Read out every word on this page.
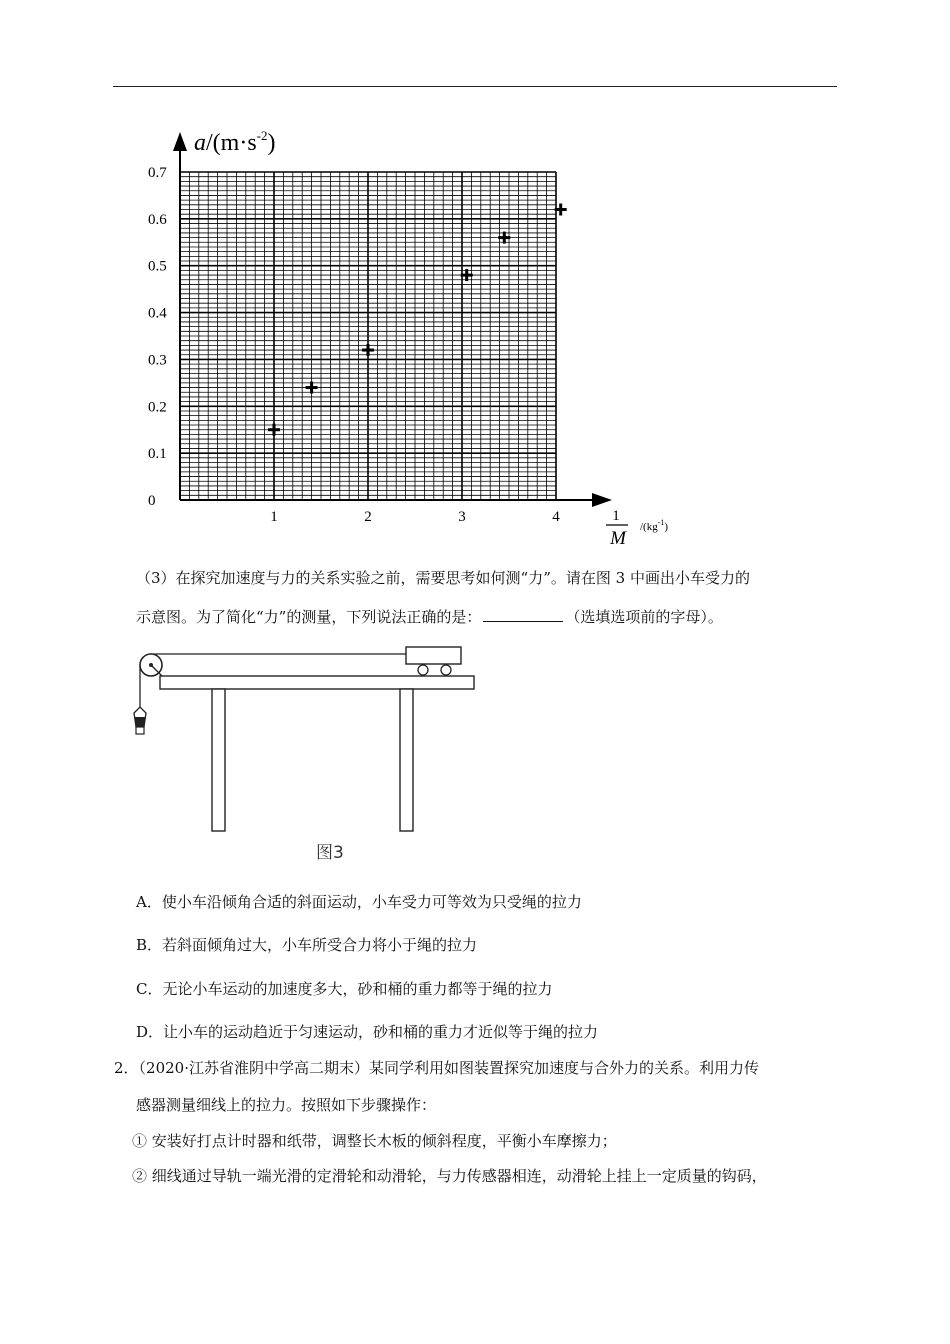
$a/(m\cdot s^{-2})$
1
M
$/(kg^{-1})$
1	2	3	4
0
0.1
0.2
0.3
0.4
0.5
0.6
0.7
（3）在探究加速度与力的关系实验之前，需要思考如何测“力”。请在图 3 中画出小车受力的
示意图。为了简化“力”的测量，下列说法正确的是：	（选填选项前的字母）。
图3
A．使小车沿倾角合适的斜面运动，小车受力可等效为只受绳的拉力
B．若斜面倾角过大，小车所受合力将小于绳的拉力
C．无论小车运动的加速度多大，砂和桶的重力都等于绳的拉力
D．让小车的运动趋近于匀速运动，砂和桶的重力才近似等于绳的拉力
2．（2020·江苏省淮阴中学高二期末）某同学利用如图装置探究加速度与合外力的关系。利用力传
感器测量细线上的拉力。按照如下步骤操作：
① 安装好打点计时器和纸带，调整长木板的倾斜程度，平衡小车摩擦力；
② 细线通过导轨一端光滑的定滑轮和动滑轮，与力传感器相连，动滑轮上挂上一定质量的钩码，
